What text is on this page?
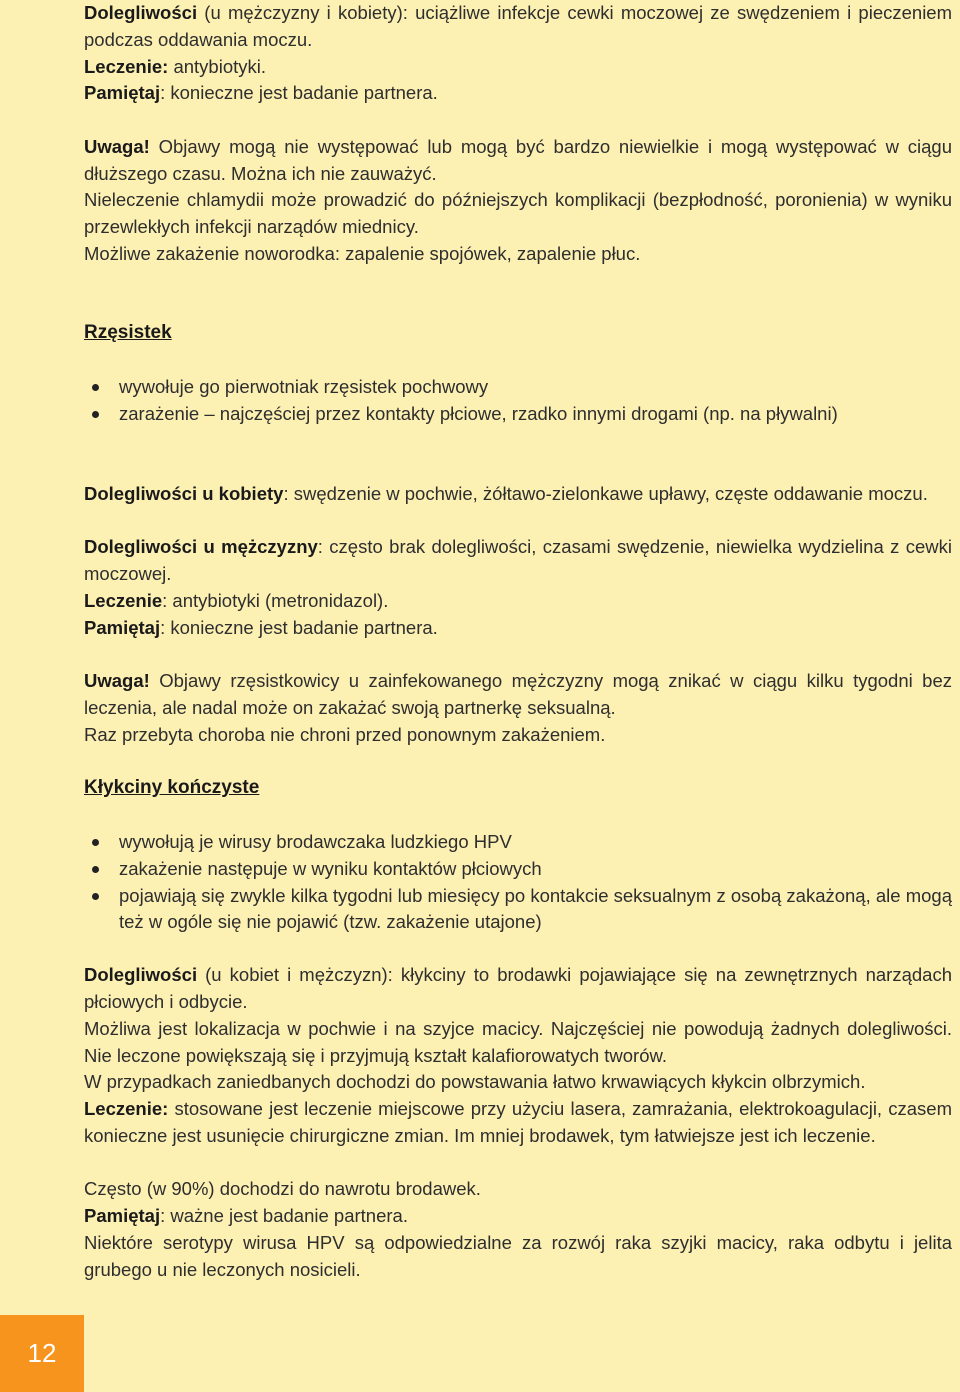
Dolegliwości (u mężczyzny i kobiety): uciążliwe infekcje cewki moczowej ze swędzeniem i pieczeniem podczas oddawania moczu.

Leczenie: antybiotyki.

Pamiętaj: konieczne jest badanie partnera.

Uwaga! Objawy mogą nie występować lub mogą być bardzo niewielkie i mogą występować w ciągu dłuższego czasu. Można ich nie zauważyć.

Nieleczenie chlamydii może prowadzić do późniejszych komplikacji (bezpłodność, poronienia) w wyniku przewlekłych infekcji narządów miednicy.

Możliwe zakażenie noworodka: zapalenie spojówek, zapalenie płuc.

Rzęsistek
wywołuje go pierwotniak rzęsistek pochwowy
zarażenie – najczęściej przez kontakty płciowe, rzadko innymi drogami (np. na pływalni)

Dolegliwości u kobiety: swędzenie w pochwie, żółtawo-zielonkawe upławy, częste oddawanie moczu.

Dolegliwości u mężczyzny: często brak dolegliwości, czasami swędzenie, niewielka wydzielina z cewki moczowej.

Leczenie: antybiotyki (metronidazol).

Pamiętaj: konieczne jest badanie partnera.

Uwaga! Objawy rzęsistkowicy u zainfekowanego mężczyzny mogą znikać w ciągu kilku tygodni bez leczenia, ale nadal może on zakażać swoją partnerkę seksualną.

Raz przebyta choroba nie chroni przed ponownym zakażeniem.

Kłykciny kończyste
wywołują je wirusy brodawczaka ludzkiego HPV
zakażenie następuje w wyniku kontaktów płciowych
pojawiają się zwykle kilka tygodni lub miesięcy po kontakcie seksualnym z osobą zakażoną, ale mogą też w ogóle się nie pojawić (tzw. zakażenie utajone)

Dolegliwości (u kobiet i mężczyzn): kłykciny to brodawki pojawiające się na zewnętrznych narządach płciowych i odbycie.

Możliwa jest lokalizacja w pochwie i na szyjce macicy. Najczęściej nie powodują żadnych dolegliwości. Nie leczone powiększają się i przyjmują kształt kalafiorowatych tworów.

W przypadkach zaniedbanych dochodzi do powstawania łatwo krwawiących kłykcin olbrzymich.

Leczenie: stosowane jest leczenie miejscowe przy użyciu lasera, zamrażania, elektrokoagulacji, czasem konieczne jest usunięcie chirurgiczne zmian. Im mniej brodawek, tym łatwiejsze jest ich leczenie.

Często (w 90%) dochodzi do nawrotu brodawek.

Pamiętaj: ważne jest badanie partnera.

Niektóre serotypy wirusa HPV są odpowiedzialne za rozwój raka szyjki macicy, raka odbytu i jelita grubego u nie leczonych nosicieli.

12
